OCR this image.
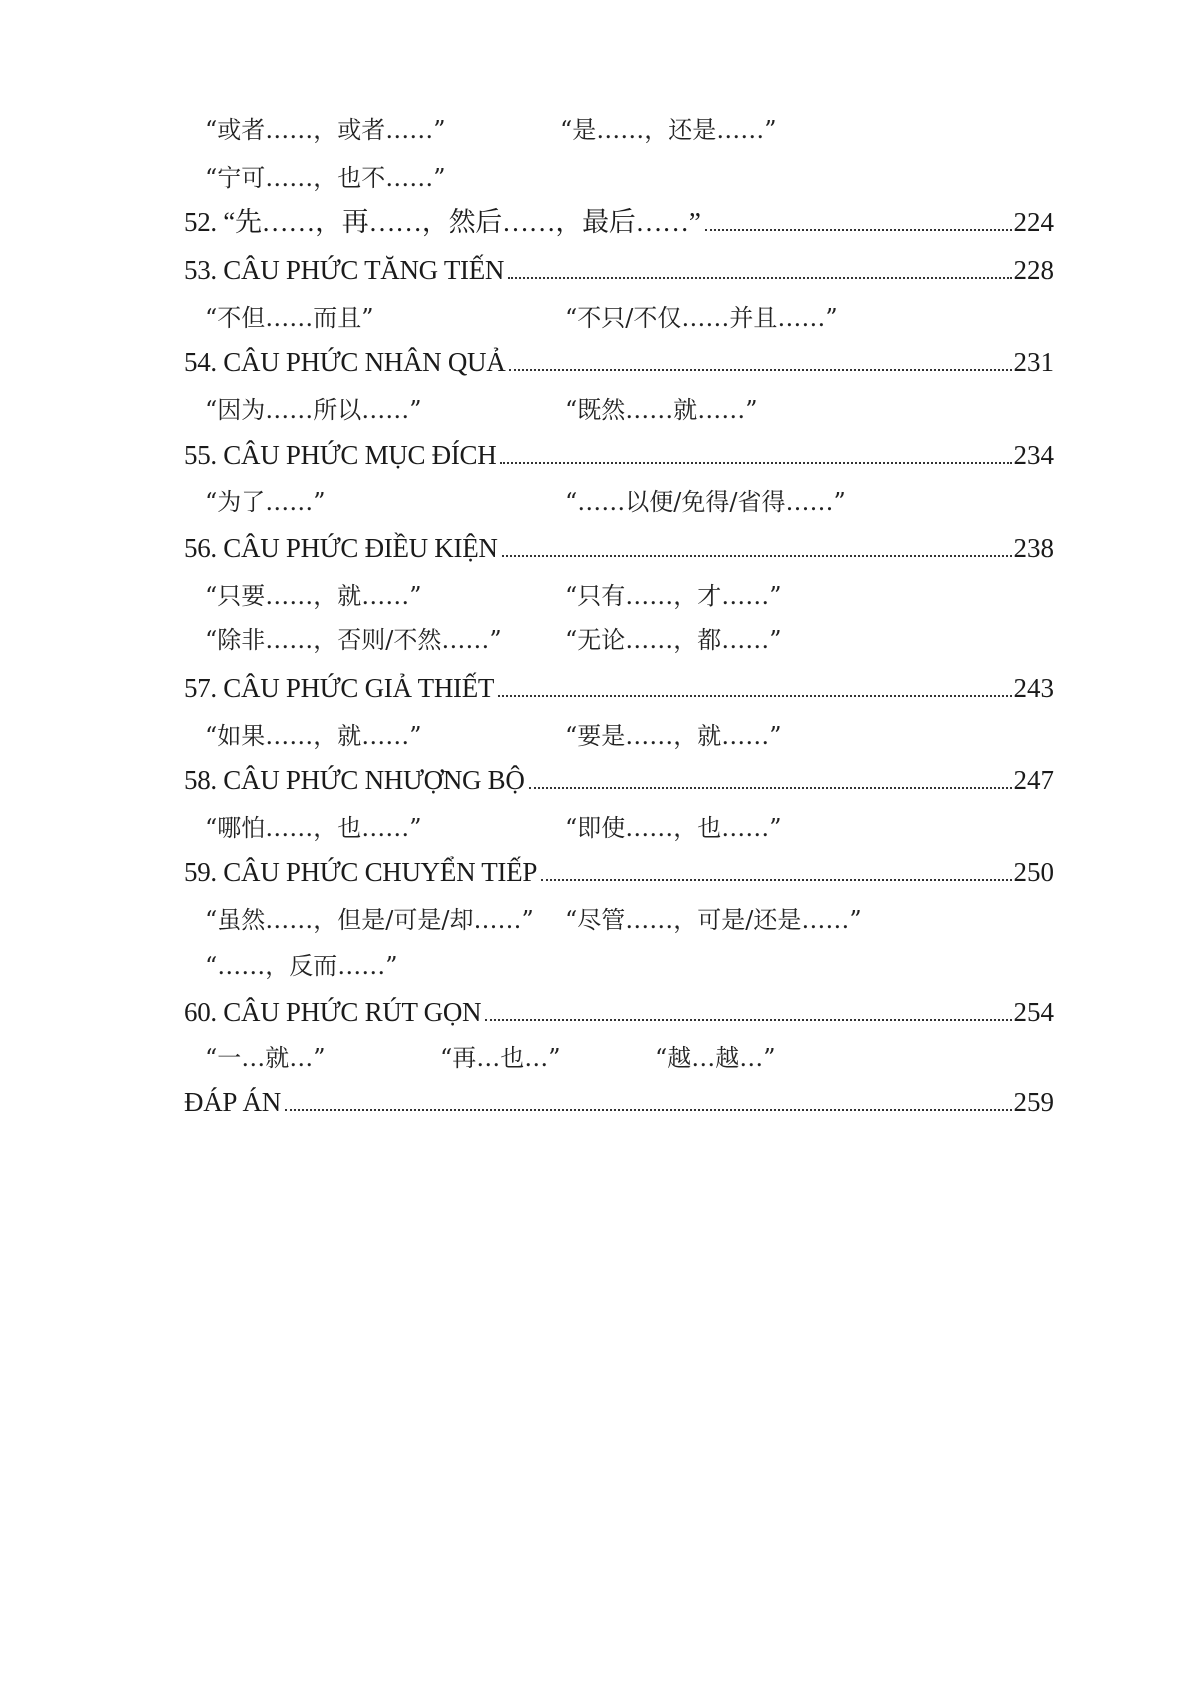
“或者……，或者……”	“是……，还是……”
“宁可……，也不……”
52. “先……，再……，然后……，最后……”	224
53. CÂU PHỨC TĂNG TIẾN	228
“不但……而且”	“不只/不仅……并且……”
54. CÂU PHỨC NHÂN QUẢ	231
“因为……所以……”	“既然……就……”
55. CÂU PHỨC MỤC ĐÍCH	234
“为了……”	“……以便/免得/省得……”
56. CÂU PHỨC ĐIỀU KIỆN	238
“只要……，就……”	“只有……，才……”
“除非……，否则/不然……”	“无论……，都……”
57. CÂU PHỨC GIẢ THIẾT	243
“如果……，就……”	“要是……，就……”
58. CÂU PHỨC NHƯỢNG BỘ	247
“哪怕……，也……”	“即使……，也……”
59. CÂU PHỨC CHUYỂN TIẾP	250
“虽然……，但是/可是/却……” “尽管……，可是/还是……”
“……，反而……”
60. CÂU PHỨC RÚT GỌN	254
“一…就…”	“再…也…”	“越…越…”
ĐÁP ÁN	259
